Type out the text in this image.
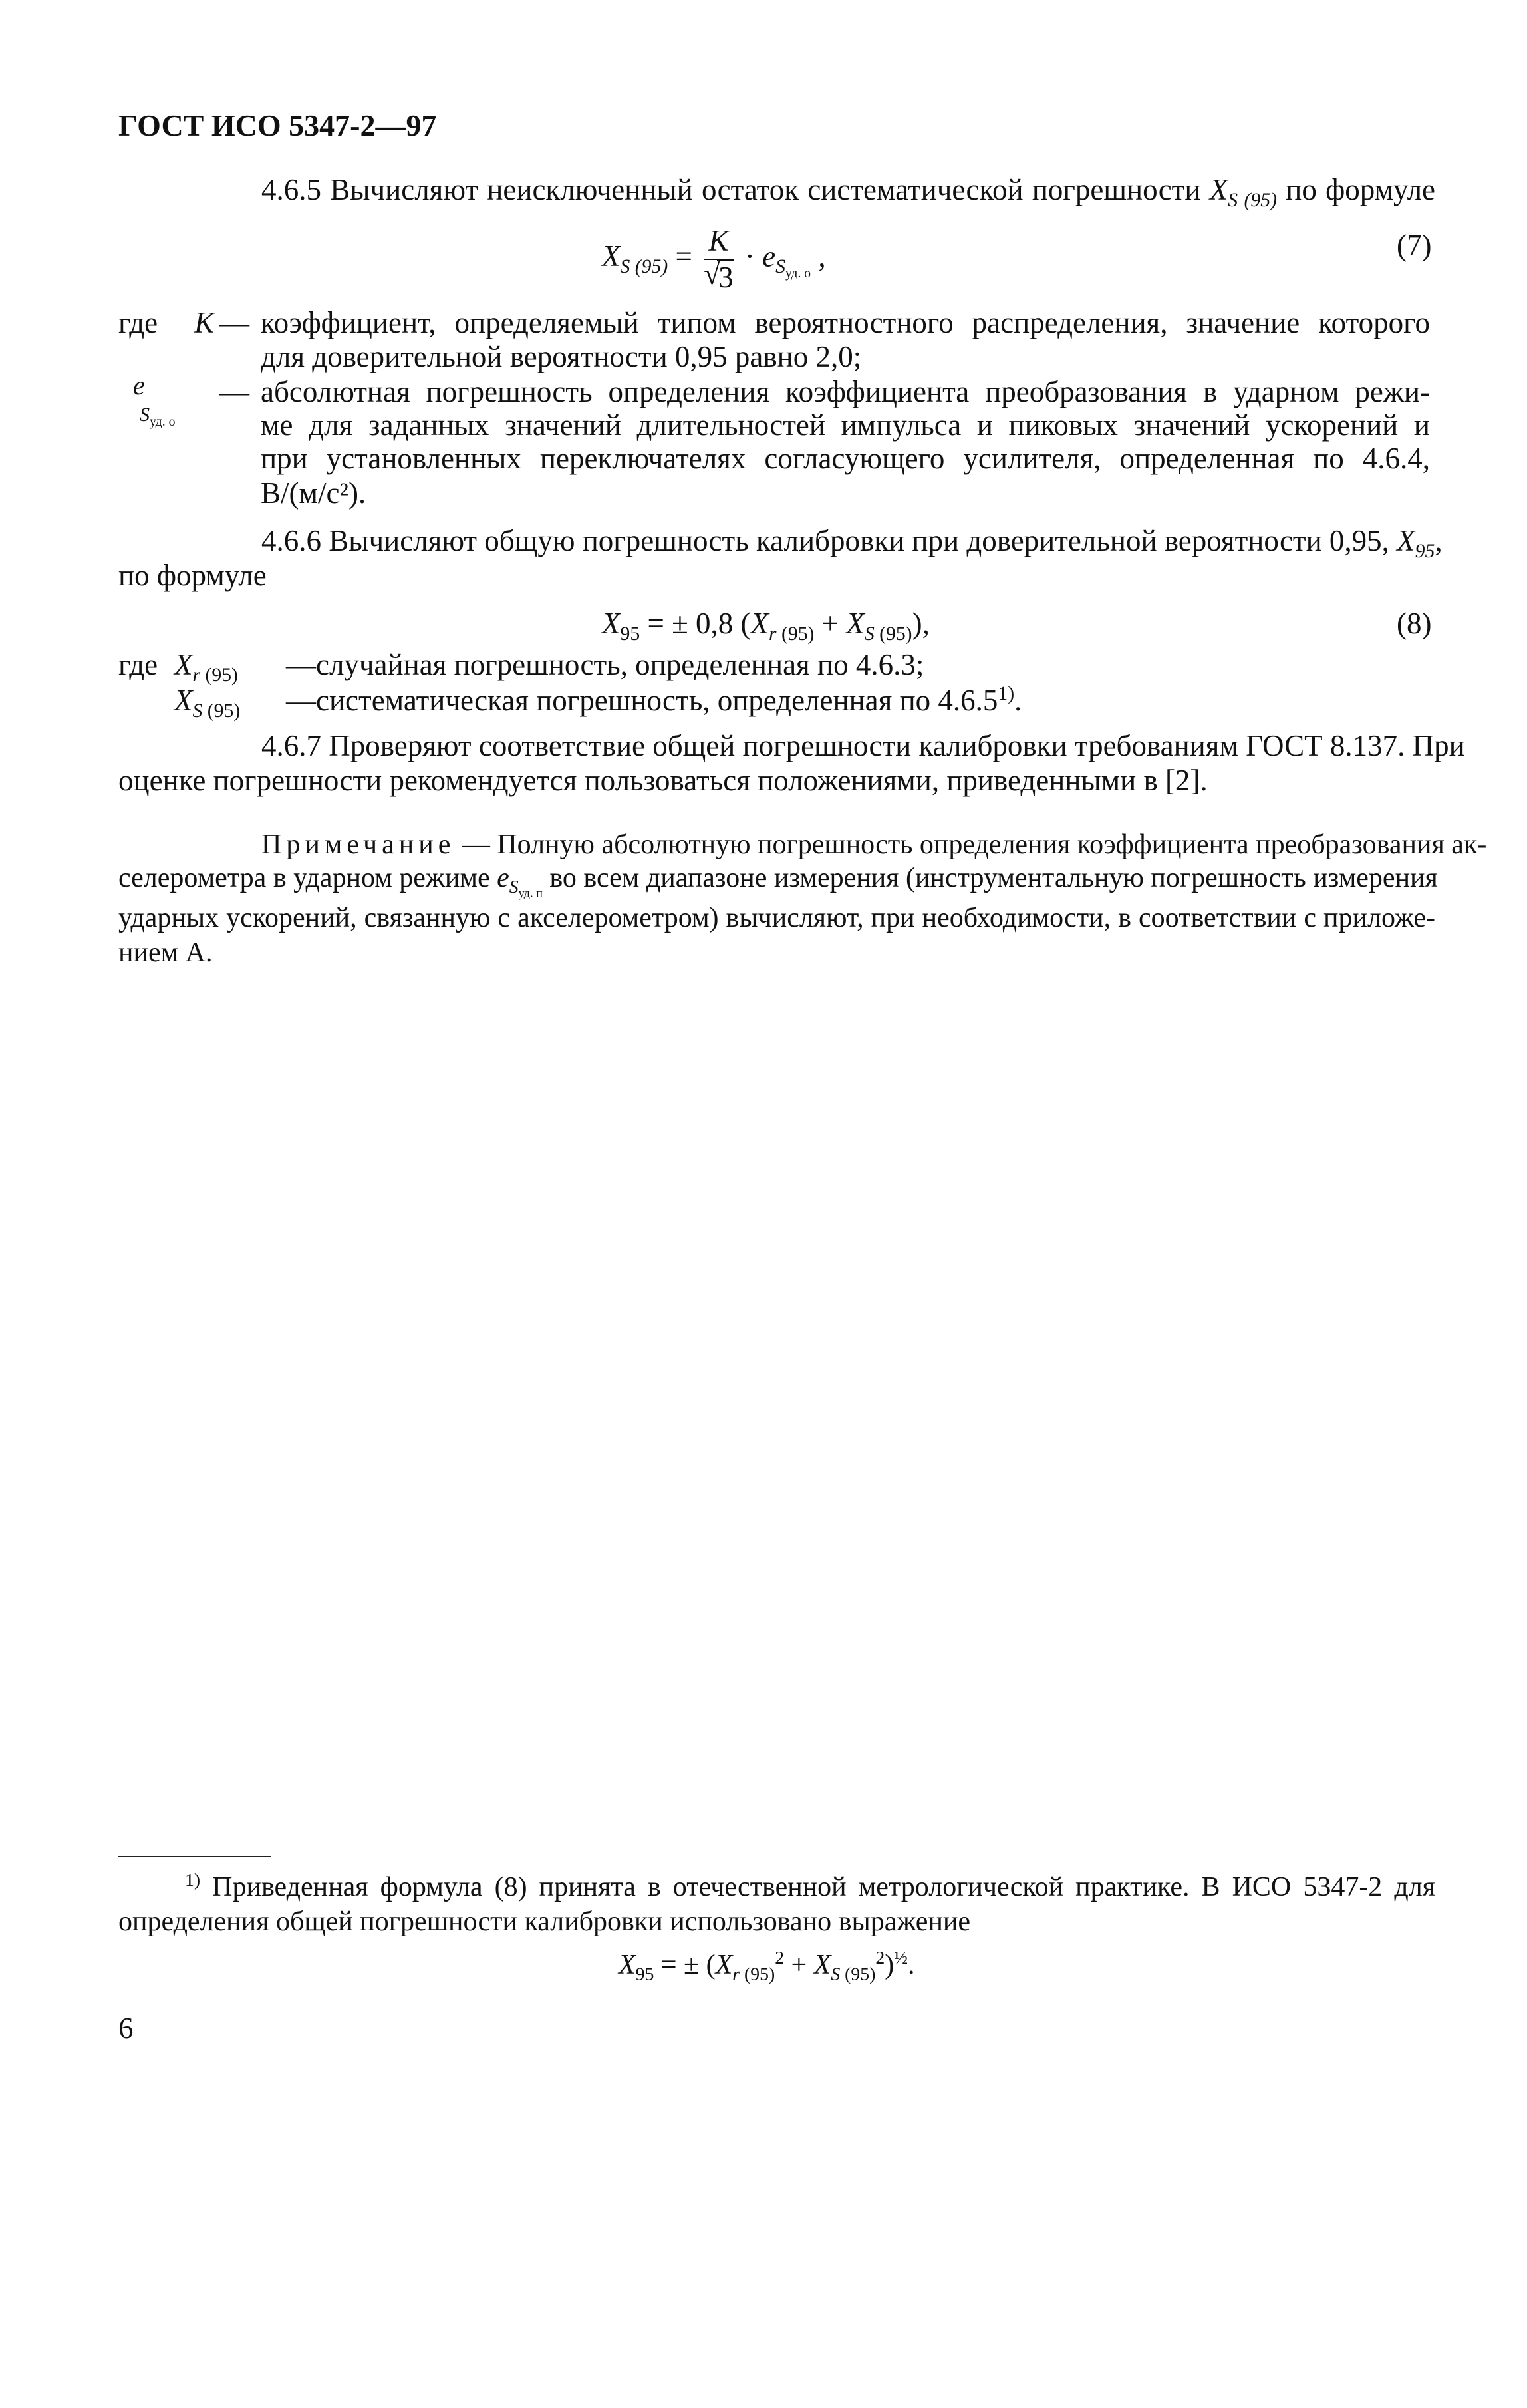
ГОСТ ИСО 5347-2—97
4.6.5 Вычисляют неисключенный остаток систематической погрешности $X_{S (95)}$ по формуле
$X_{S (95)} = K$
√ $3 \cdot e_{S_{уд. о}}$ ,	(7)
где K — коэффициент, определяемый типом вероятностного распределения, значение которого
для доверительной вероятности 0,95 равно 2,0;
e
$S_{уд. о}$
— абсолютная погрешность определения коэффициента преобразования в ударном режи-
ме для заданных значений длительностей импульса и пиковых значений ускорений и
при установленных переключателях согласующего усилителя, определенная по 4.6.4,
В/(м/с²).
4.6.6 Вычисляют общую погрешность калибровки при доверительной вероятности 0,95, $X_{95}$,
по формуле
$X_{95}$ = ± 0,8 $(X_{r (95)} + X_{S (95)})$,	(8)
где $X_{r (95)}$ —случайная погрешность, определенная по 4.6.3;
$X_{S (95)}$ —систематическая погрешность, определенная по 4.6.5$^{1)}$.
4.6.7 Проверяют соответствие общей погрешности калибровки требованиям ГОСТ 8.137. При
оценке погрешности рекомендуется пользоваться положениями, приведенными в [2].
Примечание — Полную абсолютную погрешность определения коэффициента преобразования ак-
селерометра в ударном режиме $e_{S_{уд. п}}$ во всем диапазоне измерения (инструментальную погрешность измерения
ударных ускорений, связанную с акселерометром) вычисляют, при необходимости, в соответствии с приложе-
нием А.
$^{1)}$ Приведенная формула (8) принята в отечественной метрологической практике. В ИСО 5347-2 для
определения общей погрешности калибровки использовано выражение
$X_{95}$ = ± $(X_{r (95)}^2 + X_{S (95)}^2)^{\frac{1}{2}}$.
6
